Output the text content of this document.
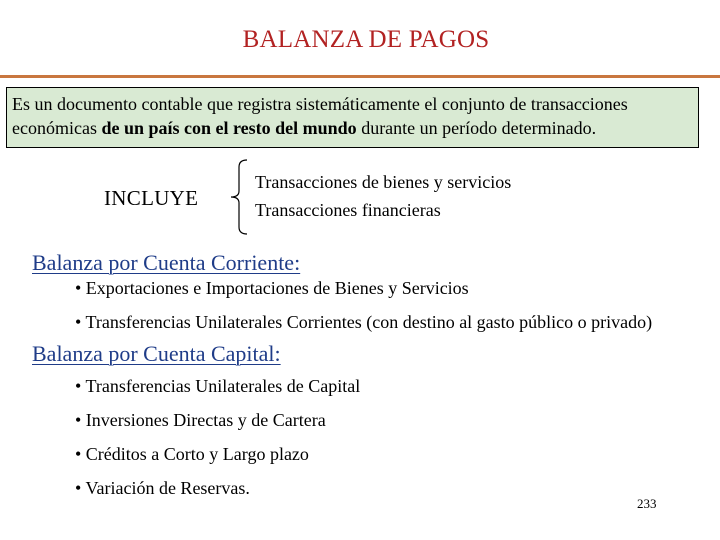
BALANZA DE PAGOS
Es un documento contable que registra sistemáticamente el conjunto de transacciones económicas de un país con el resto del mundo durante un período determinado.
INCLUYE
Transacciones de bienes y servicios
Transacciones financieras
Balanza por Cuenta Corriente:
• Exportaciones e Importaciones de Bienes y Servicios
• Transferencias Unilaterales Corrientes (con destino al gasto público o privado)
Balanza por Cuenta Capital:
• Transferencias Unilaterales de Capital
• Inversiones Directas y de Cartera
• Créditos a Corto y Largo plazo
• Variación de Reservas.
233
